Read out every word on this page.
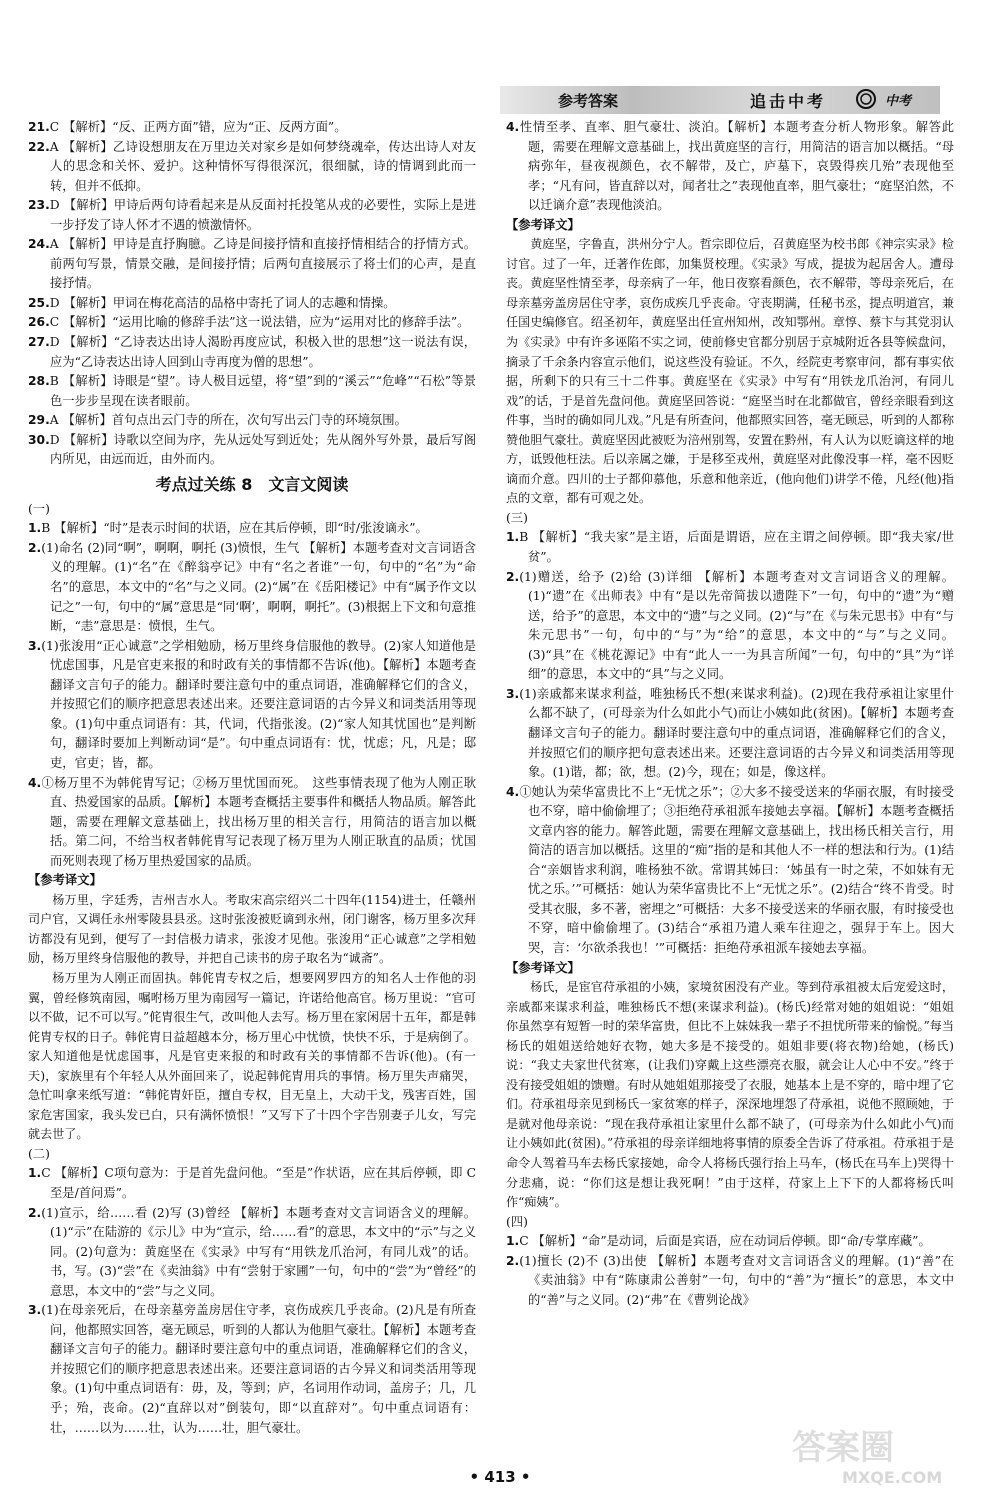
参考答案	追击中考	中考

21.C 【解析】“反、正两方面”错，应为“正、反两方面”。

22.A 【解析】乙诗设想朋友在万里边关对家乡是如何梦绕魂牵，传达出诗人对友人的思念和关怀、爱护。这种情怀写得很深沉，很细腻，诗的情调到此而一转，但并不低抑。

23.D 【解析】甲诗后两句诗看起来是从反面衬托投笔从戎的必要性，实际上是进一步抒发了诗人怀才不遇的愤激情怀。

24.A 【解析】甲诗是直抒胸臆。乙诗是间接抒情和直接抒情相结合的抒情方式。前两句写景，情景交融，是间接抒情；后两句直接展示了将士们的心声，是直接抒情。

25.D 【解析】甲词在梅花高洁的品格中寄托了词人的志趣和情操。

26.C 【解析】“运用比喻的修辞手法”这一说法错，应为“运用对比的修辞手法”。

27.D 【解析】“乙诗表达出诗人渴盼再度应试，积极入世的思想”这一说法有误，应为“乙诗表达出诗人回到山寺再度为僧的思想”。

28.B 【解析】诗眼是“望”。诗人极目远望，将“望”到的“溪云”“危峰”“石松”等景色一步步呈现在读者眼前。

29.A 【解析】首句点出云门寺的所在，次句写出云门寺的环境氛围。

30.D 【解析】诗歌以空间为序，先从远处写到近处；先从阁外写外景，最后写阁内所见，由远而近，由外而内。

考点过关练 8　文言文阅读

(一)

1.B 【解析】“时”是表示时间的状语，应在其后停顿，即“时/张浚谪永”。

2.(1)命名 (2)同“啊”，啊啊，啊托 (3)愤恨，生气 【解析】本题考查对文言词语含义的理解。(1)“名”在《醉翁亭记》中有“名之者谁”一句，句中的“名”为“命名”的意思，本文中的“名”与之义同。(2)“属”在《岳阳楼记》中有“属予作文以记之”一句，句中的“属”意思是“同‘啊’，啊啊，啊托”。(3)根据上下文和句意推断，“恚”意思是：愤恨，生气。

3.(1)张浚用“正心诚意”之学相勉励，杨万里终身信服他的教导。(2)家人知道他是忧虑国事，凡是官吏来报的和时政有关的事情都不告诉(他)。【解析】本题考查翻译文言句子的能力。翻译时要注意句中的重点词语，准确解释它们的含义，并按照它们的顺序把意思表述出来。还要注意词语的古今异义和词类活用等现象。(1)句中重点词语有：其，代词，代指张浚。(2)“家人知其忧国也”是判断句，翻译时要加上判断动词“是”。句中重点词语有：忧，忧虑；凡，凡是；邸吏，官吏；皆，都。

4.①杨万里不为韩侂胄写记；②杨万里忧国而死。　这些事情表现了他为人刚正耿直、热爱国家的品质。【解析】本题考查概括主要事件和概括人物品质。解答此题，需要在理解文意基础上，找出杨万里的相关言行，用简洁的语言加以概括。第二问，不给当权者韩侂胄写记表现了杨万里为人刚正耿直的品质；忧国而死则表现了杨万里热爱国家的品质。

【参考译文】

杨万里，字廷秀，吉州吉水人。考取宋高宗绍兴二十四年(1154)进士，任赣州司户官，又调任永州零陵县县丞。这时张浚被贬谪到永州，闭门谢客，杨万里多次拜访都没有见到，便写了一封信极力请求，张浚才见他。张浚用“正心诚意”之学相勉励，杨万里终身信服他的教导，并把自己读书的房子取名为“诚斋”。

杨万里为人刚正而固执。韩侂胄专权之后，想要网罗四方的知名人士作他的羽翼，曾经修筑南园，嘱咐杨万里为南园写一篇记，许诺给他高官。杨万里说：“官可以不做，记不可以写。”侂胄很生气，改叫他人去写。杨万里在家闲居十五年，都是韩侂胄专权的日子。韩侂胄日益超越本分，杨万里心中忧愤，快快不乐，于是病倒了。家人知道他是忧虑国事，凡是官吏来报的和时政有关的事情都不告诉(他)。(有一天)，家族里有个年轻人从外面回来了，说起韩侂胄用兵的事情。杨万里失声痛哭，急忙叫拿来纸写道：“韩侂胄奸臣，擅自专权，目无皇上，大动干戈，残害百姓，国家危害国家，我头发已白，只有满怀愤恨！”又写下了十四个字告别妻子儿女，写完就去世了。

(二)

1.C 【解析】C项句意为：于是首先盘问他。“至是”作状语，应在其后停顿，即 C 至是/首问焉”。

2.(1)宣示，给……看 (2)写 (3)曾经 【解析】本题考查对文言词语含义的理解。(1)“示”在陆游的《示儿》中为“宣示，给……看”的意思，本文中的“示”与之义同。(2)句意为：黄庭坚在《实录》中写有“用铁龙爪治河，有同儿戏”的话。书，写。(3)“尝”在《卖油翁》中有“尝射于家圃”一句，句中的“尝”为“曾经”的意思，本文中的“尝”与之义同。

3.(1)在母亲死后，在母亲墓旁盖房居住守孝，哀伤成疾几乎丧命。(2)凡是有所查问，他都照实回答，毫无顾忌，听到的人都认为他胆气豪壮。【解析】本题考查翻译文言句子的能力。翻译时要注意句中的重点词语，准确解释它们的含义，并按照它们的顺序把意思表述出来。还要注意词语的古今异义和词类活用等现象。(1)句中重点词语有：毋，及，等到；庐，名词用作动词，盖房子；几，几乎；殆，丧命。(2)“直辞以对”倒装句，即“以直辞对”。句中重点词语有：壮，……以为……壮，认为……壮，胆气豪壮。

4.性情至孝、直率、胆气豪壮、淡泊。【解析】本题考查分析人物形象。解答此题，需要在理解文意基础上，找出黄庭坚的言行，用简洁的语言加以概括。“母病弥年，昼夜视颜色，衣不解带，及亡，庐墓下，哀毁得疾几殆”表现他至孝；“凡有问，皆直辞以对，闻者壮之”表现他直率，胆气豪壮；“庭坚泊然，不以迁谪介意”表现他淡泊。

【参考译文】

黄庭坚，字鲁直，洪州分宁人。哲宗即位后，召黄庭坚为校书郎《神宗实录》检讨官。过了一年，迁著作佐郎，加集贤校理。《实录》写成，提拔为起居舍人。遭母丧。黄庭坚性情至孝，母亲病了一年，他日夜察看颜色，衣不解带，等母亲死后，在母亲墓旁盖房居住守孝，哀伤成疾几乎丧命。守丧期满，任秘书丞，提点明道宫，兼任国史编修官。绍圣初年，黄庭坚出任宣州知州，改知鄂州。章惇、蔡卞与其党羽认为《实录》中有许多诬陷不实之词，使前修史官都分别居于京城附近各县等候盘问，摘录了千余条内容宣示他们，说这些没有验证。不久，经院吏考察审问，都有事实依据，所剩下的只有三十二件事。黄庭坚在《实录》中写有“用铁龙爪治河，有同儿戏”的话，于是首先盘问他。黄庭坚回答说：“庭坚当时在北都做官，曾经亲眼看到这件事，当时的确如同儿戏。”凡是有所查问，他都照实回答，毫无顾忌，听到的人都称赞他胆气豪壮。黄庭坚因此被贬为涪州别驾，安置在黔州，有人认为以贬谪这样的地方，诋毁他枉法。后以亲属之嫌，于是移至戎州，黄庭坚对此像没事一样，毫不因贬谪而介意。四川的士子都仰慕他，乐意和他亲近，(他向他们)讲学不倦，凡经(他)指点的文章，都有可观之处。

(三)

1.B 【解析】“我夫家”是主语，后面是谓语，应在主谓之间停顿。即“我夫家/世贫”。

2.(1)赠送，给予 (2)给 (3)详细 【解析】本题考查对文言词语含义的理解。(1)“遗”在《出师表》中有“是以先帝简拔以遗陛下”一句，句中的“遗”为“赠送，给予”的意思，本文中的“遗”与之义同。(2)“与”在《与朱元思书》中有“与朱元思书”一句，句中的“与”为“给”的意思，本文中的“与”与之义同。(3)“具”在《桃花源记》中有“此人一一为具言所闻”一句，句中的“具”为“详细”的意思，本文中的“具”与之义同。

3.(1)亲戚都来谋求利益，唯独杨氏不想(来谋求利益)。(2)现在我苻承祖让家里什么都不缺了，(可母亲为什么如此小气)而让小姨如此(贫困)。【解析】本题考查翻译文言句子的能力。翻译时要注意句中的重点词语，准确解释它们的含义，并按照它们的顺序把句意表述出来。还要注意词语的古今异义和词类活用等现象。(1)谐，都；欲，想。(2)今，现在；如是，像这样。

4.①她认为荣华富贵比不上“无忧之乐”；②大多不接受送来的华丽衣服，有时接受也不穿，暗中偷偷埋了；③拒绝苻承祖派车接她去享福。【解析】本题考查概括文章内容的能力。解答此题，需要在理解文意基础上，找出杨氏相关言行，用简洁的语言加以概括。这里的“痴”指的是和其他人不一样的想法和行为。(1)结合“亲姻皆求利润，唯杨独不欲。常谓其姊曰：‘姊虽有一时之荣，不如妹有无忧之乐。’”可概括：她认为荣华富贵比不上“无忧之乐”。(2)结合“终不肯受。时受其衣服，多不著，密埋之”可概括：大多不接受送来的华丽衣服，有时接受也不穿，暗中偷偷埋了。(3)结合“承祖乃遣人乘车往迎之，强舁于车上。因大哭，言：‘尔欲杀我也！’”可概括：拒绝苻承祖派车接她去享福。

【参考译文】

杨氏，是宦官苻承祖的小姨，家境贫困没有产业。等到苻承祖被太后宠爱这时，亲戚都来谋求利益，唯独杨氏不想(来谋求利益)。(杨氏)经常对她的姐姐说：“姐姐你虽然享有短暂一时的荣华富贵，但比不上妹妹我一辈子不担忧所带来的愉悦。”每当杨氏的姐姐送给她好衣物，她大多是不接受的。姐姐非要(将衣物)给她，(杨氏)说：“我丈夫家世代贫寒，(让我们)穿戴上这些漂亮衣服，就会让人心中不安。”终于没有接受姐姐的馈赠。有时从她姐姐那接受了衣服，她基本上是不穿的，暗中埋了它们。苻承祖母亲见到杨氏一家贫寒的样子，深深地埋怨了苻承祖，说他不照顾她，于是就对他母亲说：“现在我苻承祖让家里什么都不缺了，(可母亲为什么如此小气)而让小姨如此(贫困)。”苻承祖的母亲详细地将事情的原委全告诉了苻承祖。苻承祖于是命令人驾着马车去杨氏家接她，命令人将杨氏强行抬上马车，(杨氏在马车上)哭得十分悲痛，说：“你们这是想让我死啊！”由于这样，苻家上上下下的人都将杨氏叫作“痴姨”。

(四)

1.C 【解析】“命”是动词，后面是宾语，应在动词后停顿。即“命/专掌库藏”。

2.(1)擅长 (2)不 (3)出使 【解析】本题考查对文言词语含义的理解。(1)“善”在《卖油翁》中有“陈康肃公善射”一句，句中的“善”为“擅长”的意思，本文中的“善”与之义同。(2)“弗”在《曹刿论战》

• 413 •
答案圈
MXQE.COM
